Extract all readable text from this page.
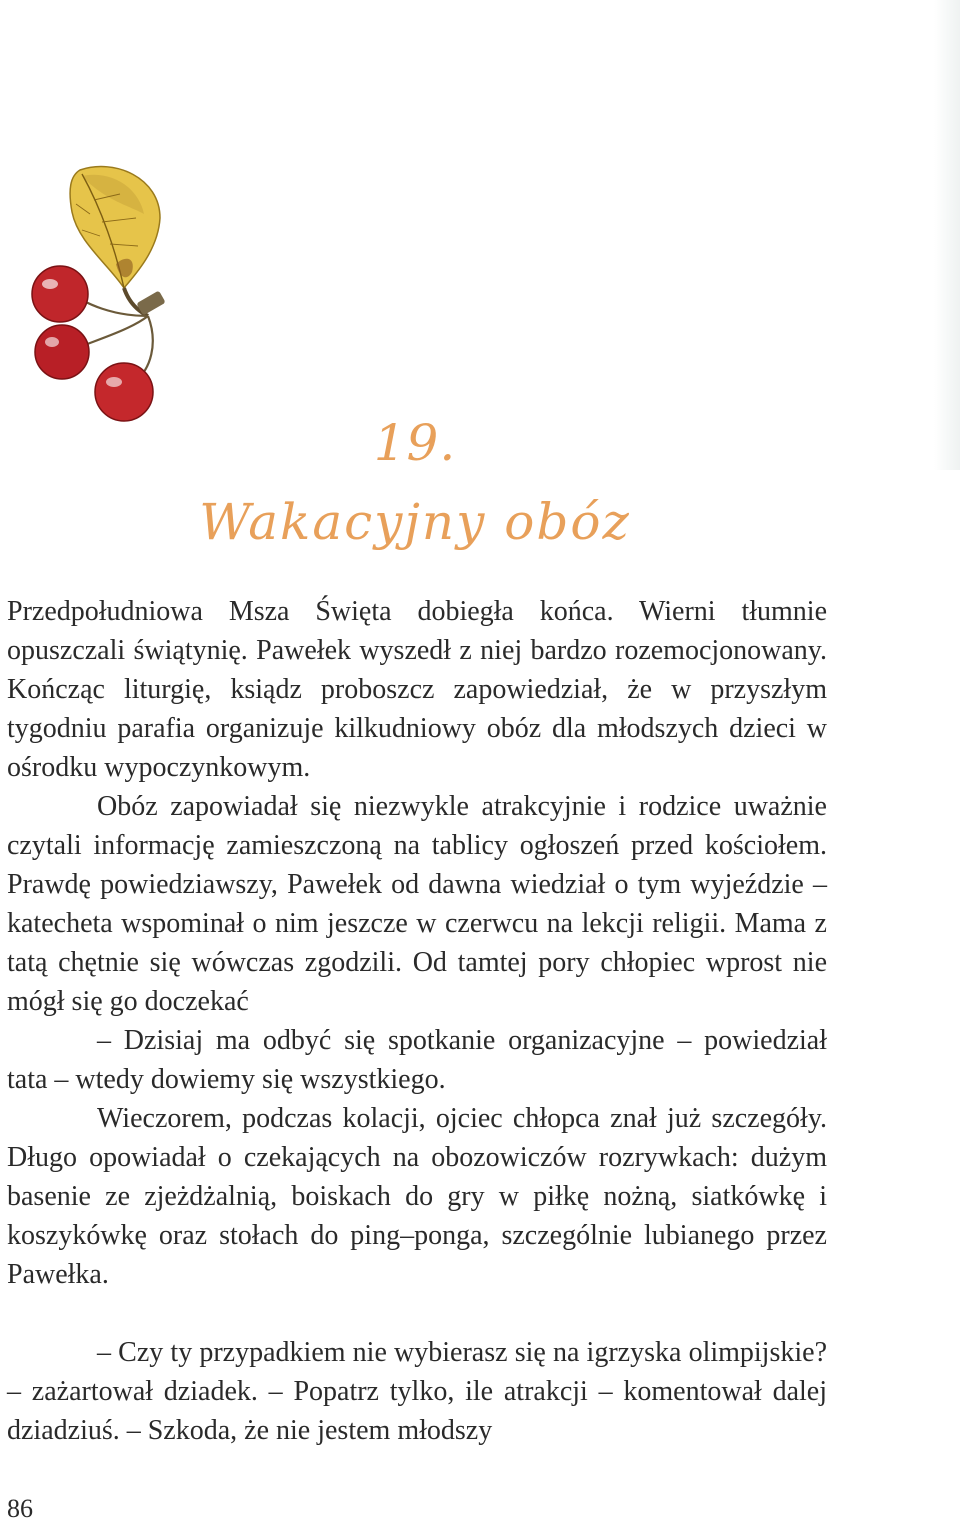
19.
Wakacyjny obóz

Przedpołudniowa Msza Święta dobiegła końca. Wierni tłumnie opuszczali świątynię. Pawełek wyszedł z niej bardzo rozemocjonowany. Kończąc liturgię, ksiądz proboszcz zapowiedział, że w przyszłym tygodniu parafia organizuje kilkudniowy obóz dla młodszych dzieci w ośrodku wypoczynkowym.

Obóz zapowiadał się niezwykle atrakcyjnie i rodzice uważnie czytali informację zamieszczoną na tablicy ogłoszeń przed kościołem. Prawdę powiedziawszy, Pawełek od dawna wiedział o tym wyjeździe – katecheta wspominał o nim jeszcze w czerwcu na lekcji religii. Mama z tatą chętnie się wówczas zgodzili. Od tamtej pory chłopiec wprost nie mógł się go doczekać

– Dzisiaj ma odbyć się spotkanie organizacyjne – powiedział tata – wtedy dowiemy się wszystkiego.

Wieczorem, podczas kolacji, ojciec chłopca znał już szczegóły. Długo opowiadał o czekających na obozowiczów rozrywkach: dużym basenie ze zjeżdżalnią, boiskach do gry w piłkę nożną, siatkówkę i koszykówkę oraz stołach do ping–ponga, szczególnie lubianego przez Pawełka.

– Czy ty przypadkiem nie wybierasz się na igrzyska olimpijskie? – zażartował dziadek. – Popatrz tylko, ile atrakcji – komentował dalej dziadziuś. – Szkoda, że nie jestem młodszy

86
